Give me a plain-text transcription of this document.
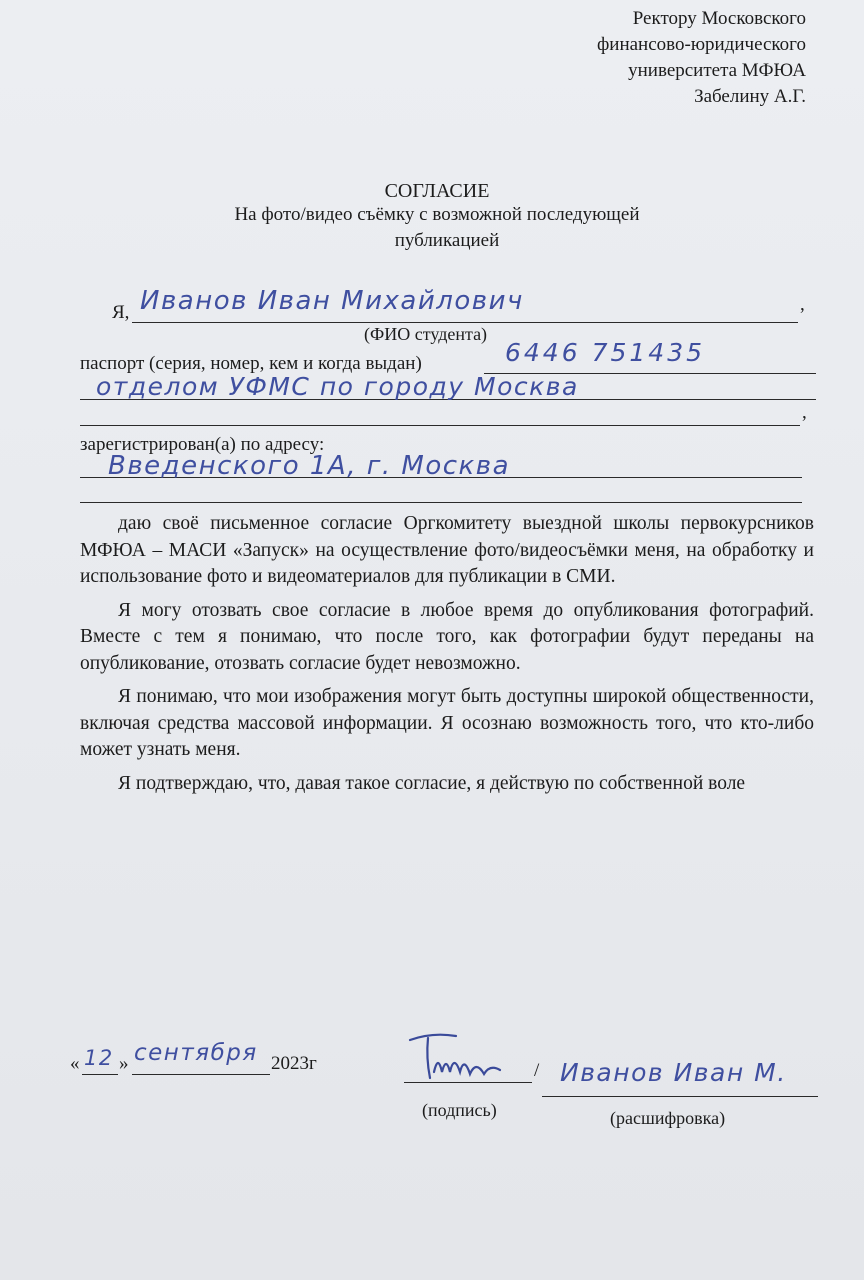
Ректору Московского
финансово-юридического
университета МФЮА
Забелину А.Г.
СОГЛАСИЕ
На фото/видео съёмку с возможной последующей
публикацией
Я,	,
Иванов Иван Михайлович
(ФИО студента)
паспорт (серия, номер, кем и когда выдан)	6446 751435
отделом УФМС по городу Москва
,
зарегистрирован(а) по адресу:
Введенского 1А, г. Москва

даю своё письменное согласие Оргкомитету выездной школы первокурсников МФЮА – МАСИ «Запуск» на осуществление фото/видеосъёмки меня, на обработку и использование фото и видеоматериалов для публикации в СМИ.

Я могу отозвать свое согласие в любое время до опубликования фотографий. Вместе с тем я понимаю, что после того, как фотографии будут переданы на опубликование, отозвать согласие будет невозможно.

Я понимаю, что мои изображения могут быть доступны широкой общественности, включая средства массовой информации. Я осознаю возможность того, что кто-либо может узнать меня.

Я подтверждаю, что, давая такое согласие, я действую по собственной воле

« 12 » сентября 2023г	/ Иванов Иван М.
(подпись)	(расшифровка)
